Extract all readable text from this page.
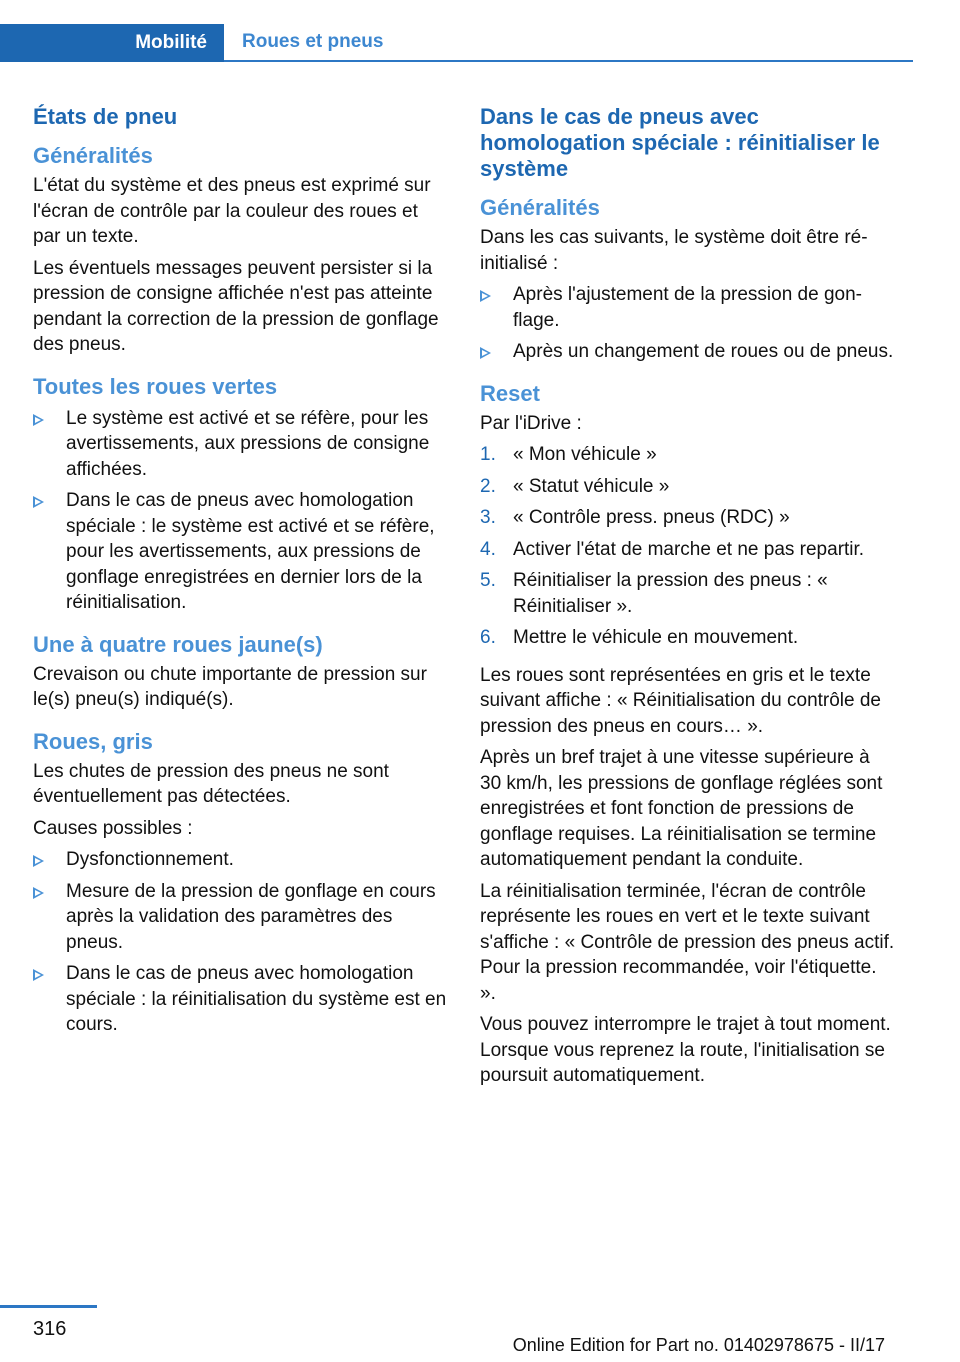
Mobilité	Roues et pneus
États de pneu
Généralités

L'état du système et des pneus est exprimé sur l'écran de contrôle par la couleur des roues et par un texte.

Les éventuels messages peuvent persister si la pression de consigne affichée n'est pas atteinte pendant la correction de la pression de gonflage des pneus.

Toutes les roues vertes
Le système est activé et se réfère, pour les avertissements, aux pressions de consigne affichées.
Dans le cas de pneus avec homologation spéciale : le système est activé et se réfère, pour les avertissements, aux pressions de gonflage enregistrées en dernier lors de la réinitialisation.
Une à quatre roues jaune(s)

Crevaison ou chute importante de pression sur le(s) pneu(s) indiqué(s).

Roues, gris

Les chutes de pression des pneus ne sont éventuellement pas détectées.

Causes possibles :

Dysfonctionnement.
Mesure de la pression de gonflage en cours après la validation des paramètres des pneus.
Dans le cas de pneus avec homologation spéciale : la réinitialisation du système est en cours.
Dans le cas de pneus avec homologation spéciale : réinitialiser le système
Généralités

Dans les cas suivants, le système doit être réinitialisé :

Après l'ajustement de la pression de gonflage.
Après un changement de roues ou de pneus.
Reset

Par l'iDrive :

1. « Mon véhicule »
2. « Statut véhicule »
3. « Contrôle press. pneus (RDC) »
4. Activer l'état de marche et ne pas repartir.
5. Réinitialiser la pression des pneus : « Réinitialiser ».
6. Mettre le véhicule en mouvement.

Les roues sont représentées en gris et le texte suivant affiche : « Réinitialisation du contrôle de pression des pneus en cours… ».

Après un bref trajet à une vitesse supérieure à 30 km/h, les pressions de gonflage réglées sont enregistrées et font fonction de pressions de gonflage requises. La réinitialisation se termine automatiquement pendant la conduite.

La réinitialisation terminée, l'écran de contrôle représente les roues en vert et le texte suivant s'affiche : « Contrôle de pression des pneus actif. Pour la pression recommandée, voir l'étiquette. ».

Vous pouvez interrompre le trajet à tout moment. Lorsque vous reprenez la route, l'initialisation se poursuit automatiquement.

316
Online Edition for Part no. 01402978675 - II/17
